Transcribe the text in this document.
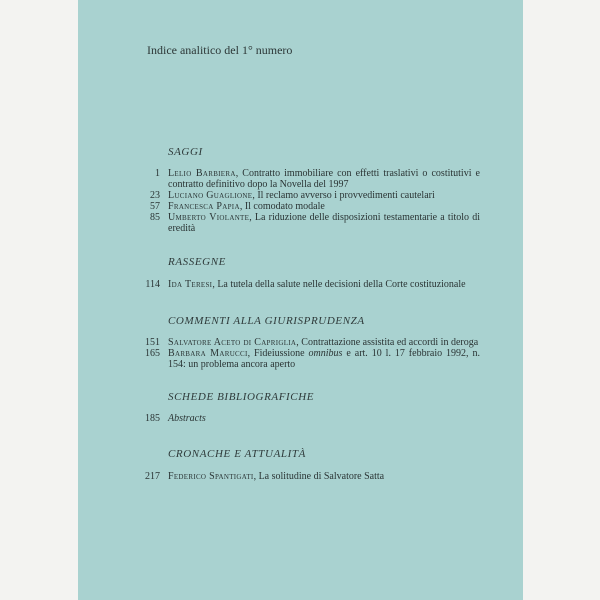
Indice analitico del 1° numero
SAGGI
1 Lelio Barbiera, Contratto immobiliare con effetti traslativi o costitutivi e contratto definitivo dopo la Novella del 1997
23 Luciano Guaglione, Il reclamo avverso i provvedimenti cautelari
57 Francesca Papia, Il comodato modale
85 Umberto Violante, La riduzione delle disposizioni testamentarie a titolo di eredità
RASSEGNE
114 Ida Teresi, La tutela della salute nelle decisioni della Corte costituzionale
COMMENTI ALLA GIURISPRUDENZA
151 Salvatore Aceto di Capriglia, Contrattazione assistita ed accordi in deroga
165 Barbara Marucci, Fideiussione omnibus e art. 10 l. 17 febbraio 1992, n. 154: un problema ancora aperto
SCHEDE BIBLIOGRAFICHE
185 Abstracts
CRONACHE E ATTUALITÀ
217 Federico Spantigati, La solitudine di Salvatore Satta
